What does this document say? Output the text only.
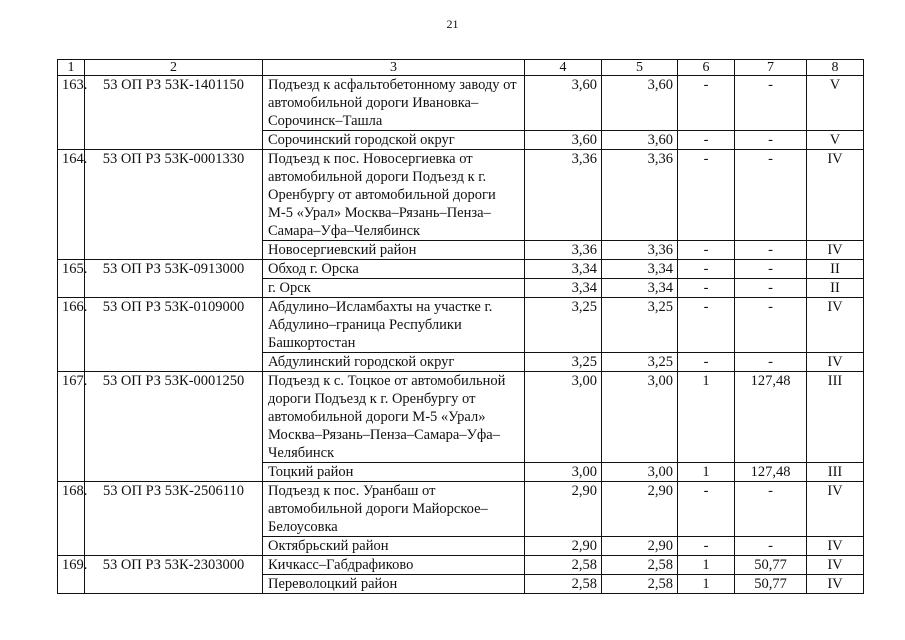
21
1	2	3	4	5	6	7	8
163.	53 ОП РЗ 53К-1401150	Подъезд к асфальтобетонному заводу от автомобильной дороги Ивановка–Сорочинск–Ташла	3,60	3,60	-	-	V
		Сорочинский городской округ	3,60	3,60	-	-	V
164.	53 ОП РЗ 53К-0001330	Подъезд к пос. Новосергиевка от автомобильной дороги Подъезд к г. Оренбургу от автомобильной дороги М-5 «Урал» Москва–Рязань–Пенза–Самара–Уфа–Челябинск	3,36	3,36	-	-	IV
		Новосергиевский район	3,36	3,36	-	-	IV
165.	53 ОП РЗ 53К-0913000	Обход г. Орска	3,34	3,34	-	-	II
		г. Орск	3,34	3,34	-	-	II
166.	53 ОП РЗ 53К-0109000	Абдулино–Исламбахты на участке г. Абдулино–граница Республики Башкортостан	3,25	3,25	-	-	IV
		Абдулинский городской округ	3,25	3,25	-	-	IV
167.	53 ОП РЗ 53К-0001250	Подъезд к с. Тоцкое от автомобильной дороги Подъезд к г. Оренбургу от автомобильной дороги М-5 «Урал» Москва–Рязань–Пенза–Самара–Уфа–Челябинск	3,00	3,00	1	127,48	III
		Тоцкий район	3,00	3,00	1	127,48	III
168.	53 ОП РЗ 53К-2506110	Подъезд к пос. Уранбаш от автомобильной дороги Майорское–Белоусовка	2,90	2,90	-	-	IV
		Октябрьский район	2,90	2,90	-	-	IV
169.	53 ОП РЗ 53К-2303000	Кичкасс–Габдрафиково	2,58	2,58	1	50,77	IV
		Переволоцкий район	2,58	2,58	1	50,77	IV
